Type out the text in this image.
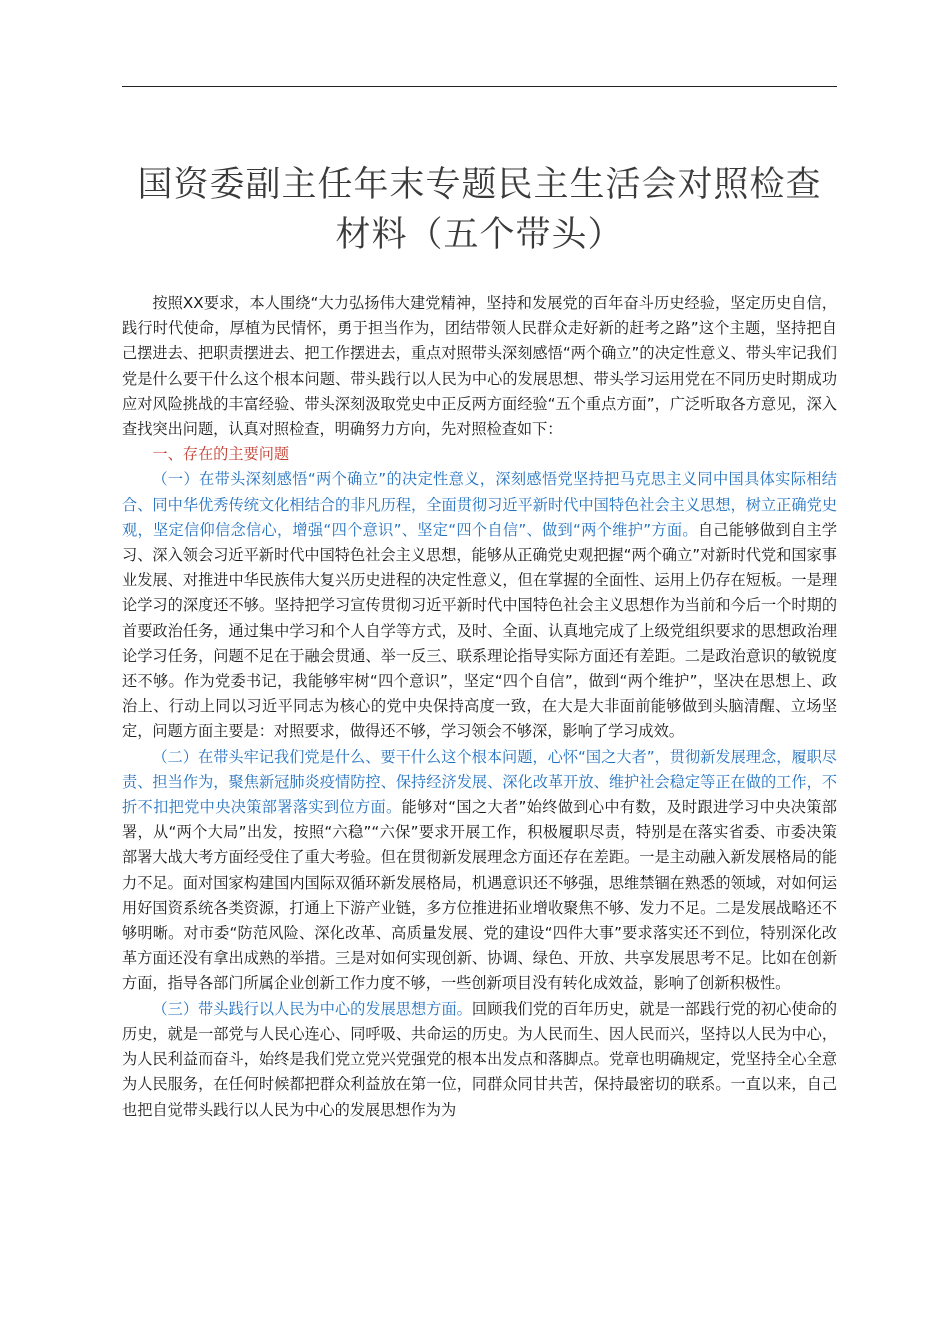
国资委副主任年末专题民主生活会对照检查材料（五个带头）

按照XX要求，本人围绕“大力弘扬伟大建党精神，坚持和发展党的百年奋斗历史经验，坚定历史自信，践行时代使命，厚植为民情怀，勇于担当作为，团结带领人民群众走好新的赶考之路”这个主题，坚持把自己摆进去、把职责摆进去、把工作摆进去，重点对照带头深刻感悟“两个确立”的决定性意义、带头牢记我们党是什么要干什么这个根本问题、带头践行以人民为中心的发展思想、带头学习运用党在不同历史时期成功应对风险挑战的丰富经验、带头深刻汲取党史中正反两方面经验“五个重点方面”，广泛听取各方意见，深入查找突出问题，认真对照检查，明确努力方向，先对照检查如下：

一、存在的主要问题

（一）在带头深刻感悟“两个确立”的决定性意义，深刻感悟党坚持把马克思主义同中国具体实际相结合、同中华优秀传统文化相结合的非凡历程，全面贯彻习近平新时代中国特色社会主义思想，树立正确党史观，坚定信仰信念信心，增强“四个意识”、坚定“四个自信”、做到“两个维护”方面。自己能够做到自主学习、深入领会习近平新时代中国特色社会主义思想，能够从正确党史观把握“两个确立”对新时代党和国家事业发展、对推进中华民族伟大复兴历史进程的决定性意义，但在掌握的全面性、运用上仍存在短板。一是理论学习的深度还不够。坚持把学习宣传贯彻习近平新时代中国特色社会主义思想作为当前和今后一个时期的首要政治任务，通过集中学习和个人自学等方式，及时、全面、认真地完成了上级党组织要求的思想政治理论学习任务，问题不足在于融会贯通、举一反三、联系理论指导实际方面还有差距。二是政治意识的敏锐度还不够。作为党委书记，我能够牢树“四个意识”，坚定“四个自信”，做到“两个维护”，坚决在思想上、政治上、行动上同以习近平同志为核心的党中央保持高度一致，在大是大非面前能够做到头脑清醒、立场坚定，问题方面主要是：对照要求，做得还不够，学习领会不够深，影响了学习成效。

（二）在带头牢记我们党是什么、要干什么这个根本问题，心怀“国之大者”，贯彻新发展理念，履职尽责、担当作为，聚焦新冠肺炎疫情防控、保持经济发展、深化改革开放、维护社会稳定等正在做的工作，不折不扣把党中央决策部署落实到位方面。能够对“国之大者”始终做到心中有数，及时跟进学习中央决策部署，从“两个大局”出发，按照“六稳”“六保”要求开展工作，积极履职尽责，特别是在落实省委、市委决策部署大战大考方面经受住了重大考验。但在贯彻新发展理念方面还存在差距。一是主动融入新发展格局的能力不足。面对国家构建国内国际双循环新发展格局，机遇意识还不够强，思维禁锢在熟悉的领域，对如何运用好国资系统各类资源，打通上下游产业链，多方位推进拓业增收聚焦不够、发力不足。二是发展战略还不够明晰。对市委“防范风险、深化改革、高质量发展、党的建设“四件大事”要求落实还不到位，特别深化改革方面还没有拿出成熟的举措。三是对如何实现创新、协调、绿色、开放、共享发展思考不足。比如在创新方面，指导各部门所属企业创新工作力度不够，一些创新项目没有转化成效益，影响了创新积极性。

（三）带头践行以人民为中心的发展思想方面。回顾我们党的百年历史，就是一部践行党的初心使命的历史，就是一部党与人民心连心、同呼吸、共命运的历史。为人民而生、因人民而兴，坚持以人民为中心，为人民利益而奋斗，始终是我们党立党兴党强党的根本出发点和落脚点。党章也明确规定，党坚持全心全意为人民服务，在任何时候都把群众利益放在第一位，同群众同甘共苦，保持最密切的联系。一直以来，自己也把自觉带头践行以人民为中心的发展思想作为为
